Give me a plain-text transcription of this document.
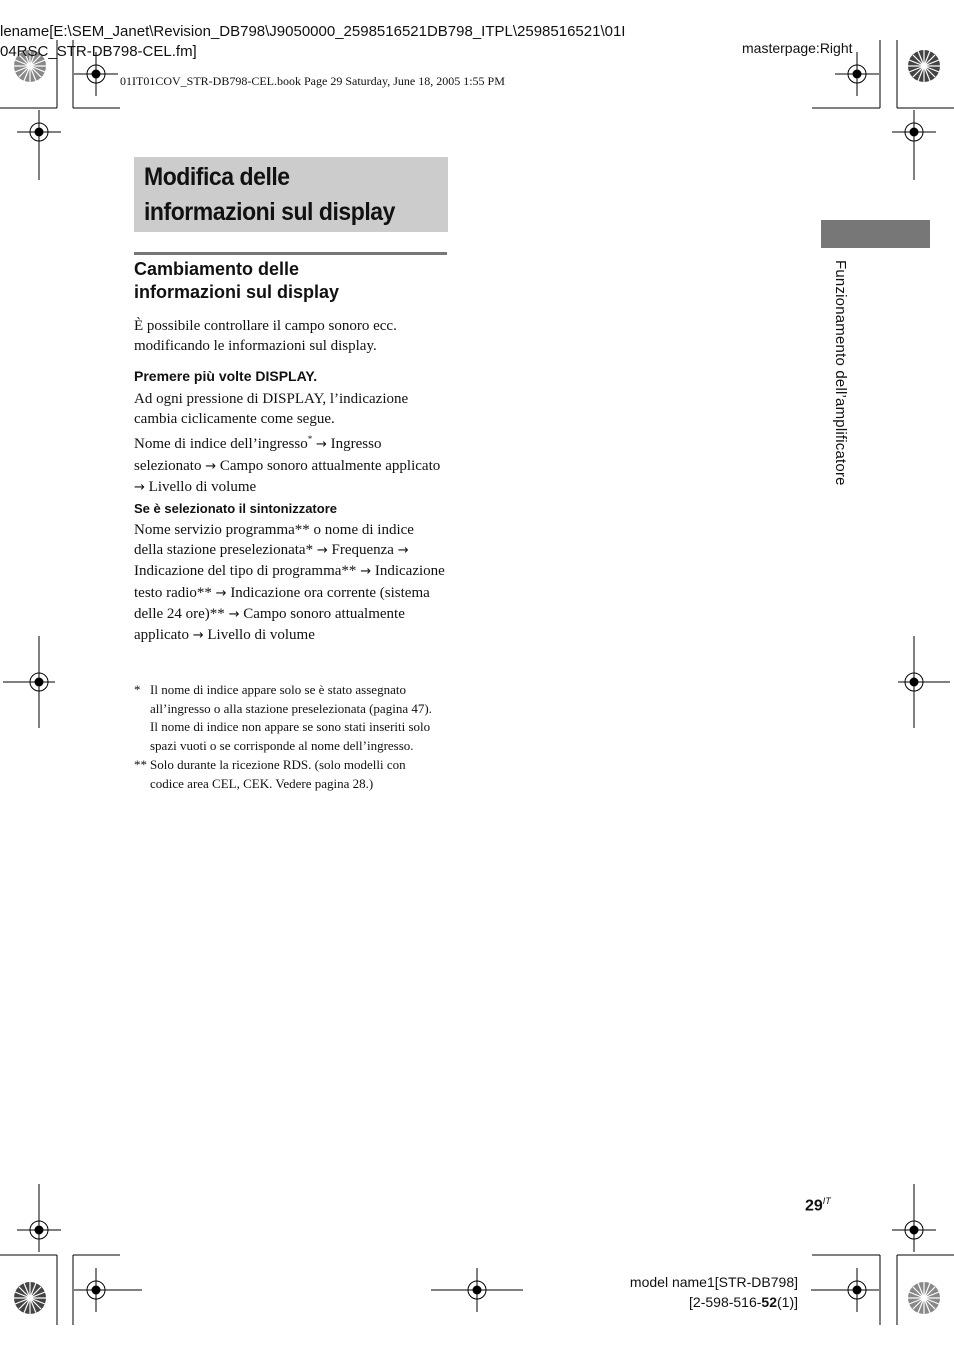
lename[E:\SEM_Janet\Revision_DB798\J9050000_2598516521DB798_ITPL\2598516521\01I
04RSC_STR-DB798-CEL.fm]	masterpage:Right
01IT01COV_STR-DB798-CEL.book Page 29 Saturday, June 18, 2005 1:55 PM
Modifica delle
informazioni sul display
Cambiamento delle
informazioni sul display
È possibile controllare il campo sonoro ecc. modificando le informazioni sul display.
Premere più volte DISPLAY.
Ad ogni pressione di DISPLAY, l’indicazione cambia ciclicamente come segue.
Nome di indice dell’ingresso* → Ingresso selezionato → Campo sonoro attualmente applicato → Livello di volume
Se è selezionato il sintonizzatore
Nome servizio programma** o nome di indice della stazione preselezionata* → Frequenza → Indicazione del tipo di programma** → Indicazione testo radio** → Indicazione ora corrente (sistema delle 24 ore)** → Campo sonoro attualmente applicato → Livello di volume
* Il nome di indice appare solo se è stato assegnato all’ingresso o alla stazione preselezionata (pagina 47). Il nome di indice non appare se sono stati inseriti solo spazi vuoti o se corrisponde al nome dell’ingresso.
** Solo durante la ricezione RDS. (solo modelli con codice area CEL, CEK. Vedere pagina 28.)
Funzionamento dell’amplificatore
$29^{IT}$
model name1[STR-DB798]
[2-598-516-52(1)]
